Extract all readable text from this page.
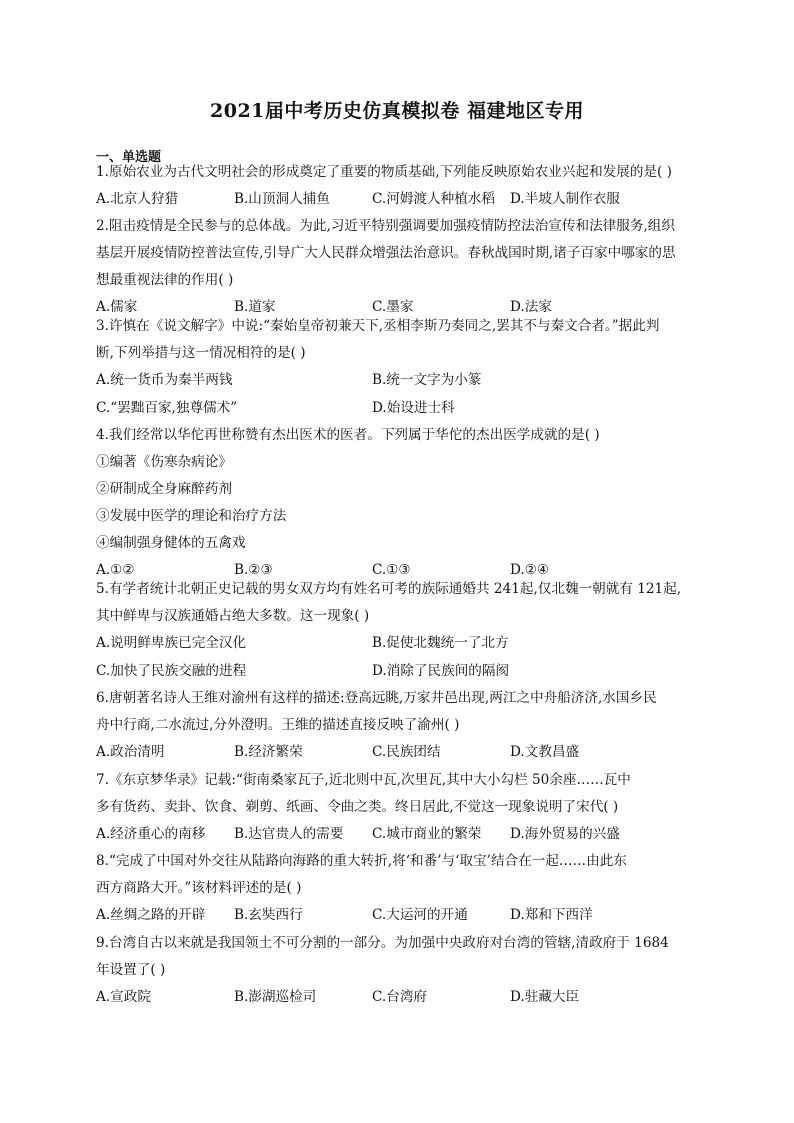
2021届中考历史仿真模拟卷 福建地区专用
一、单选题
1.原始农业为古代文明社会的形成奠定了重要的物质基础,下列能反映原始农业兴起和发展的是( )
A.北京人狩猎	B.山顶洞人捕鱼	C.河姆渡人种植水稻 D.半坡人制作衣服
2.阻击疫情是全民参与的总体战。为此,习近平特别强调要加强疫情防控法治宣传和法律服务,组织
基层开展疫情防控普法宣传,引导广大人民群众增强法治意识。春秋战国时期,诸子百家中哪家的思
想最重视法律的作用( )
A.儒家	B.道家	C.墨家	D.法家
3.许慎在《说文解字》中说:“秦始皇帝初兼天下,丞相李斯乃奏同之,罢其不与秦文合者。”据此判
断,下列举措与这一情况相符的是( )
A.统一货币为秦半两钱	B.统一文字为小篆
C.“罢黜百家,独尊儒术”	D.始设进士科
4.我们经常以华佗再世称赞有杰出医术的医者。下列属于华佗的杰出医学成就的是( )
①编著《伤寒杂病论》
②研制成全身麻醉药剂
③发展中医学的理论和治疗方法
④编制强身健体的五禽戏
A.①②	B.②③	C.①③	D.②④
5.有学者统计北朝正史记载的男女双方均有姓名可考的族际通婚共 241起,仅北魏一朝就有 121起,
其中鲜卑与汉族通婚占绝大多数。这一现象( )
A.说明鲜卑族已完全汉化	B.促使北魏统一了北方
C.加快了民族交融的进程	D.消除了民族间的隔阂
6.唐朝著名诗人王维对渝州有这样的描述:登高远眺,万家井邑出现,两江之中舟船济济,水国乡民
舟中行商,二水流过,分外澄明。王维的描述直接反映了渝州( )
A.政治清明	B.经济繁荣	C.民族团结	D.文教昌盛
7.《东京梦华录》记载:“街南桑家瓦子,近北则中瓦,次里瓦,其中大小勾栏 50余座……瓦中
多有货药、卖卦、饮食、剃剪、纸画、令曲之类。终日居此,不觉这一现象说明了宋代( )
A.经济重心的南移 B.达官贵人的需要 C.城市商业的繁荣 D.海外贸易的兴盛
8.“完成了中国对外交往从陆路向海路的重大转折,将‘和番’与‘取宝’结合在一起……由此东
西方商路大开。”该材料评述的是( )
A.丝绸之路的开辟 B.玄奘西行	C.大运河的开通	D.郑和下西洋
9.台湾自古以来就是我国领土不可分割的一部分。为加强中央政府对台湾的管辖,清政府于 1684
年设置了( )
A.宣政院	B.澎湖巡检司	C.台湾府	D.驻藏大臣
